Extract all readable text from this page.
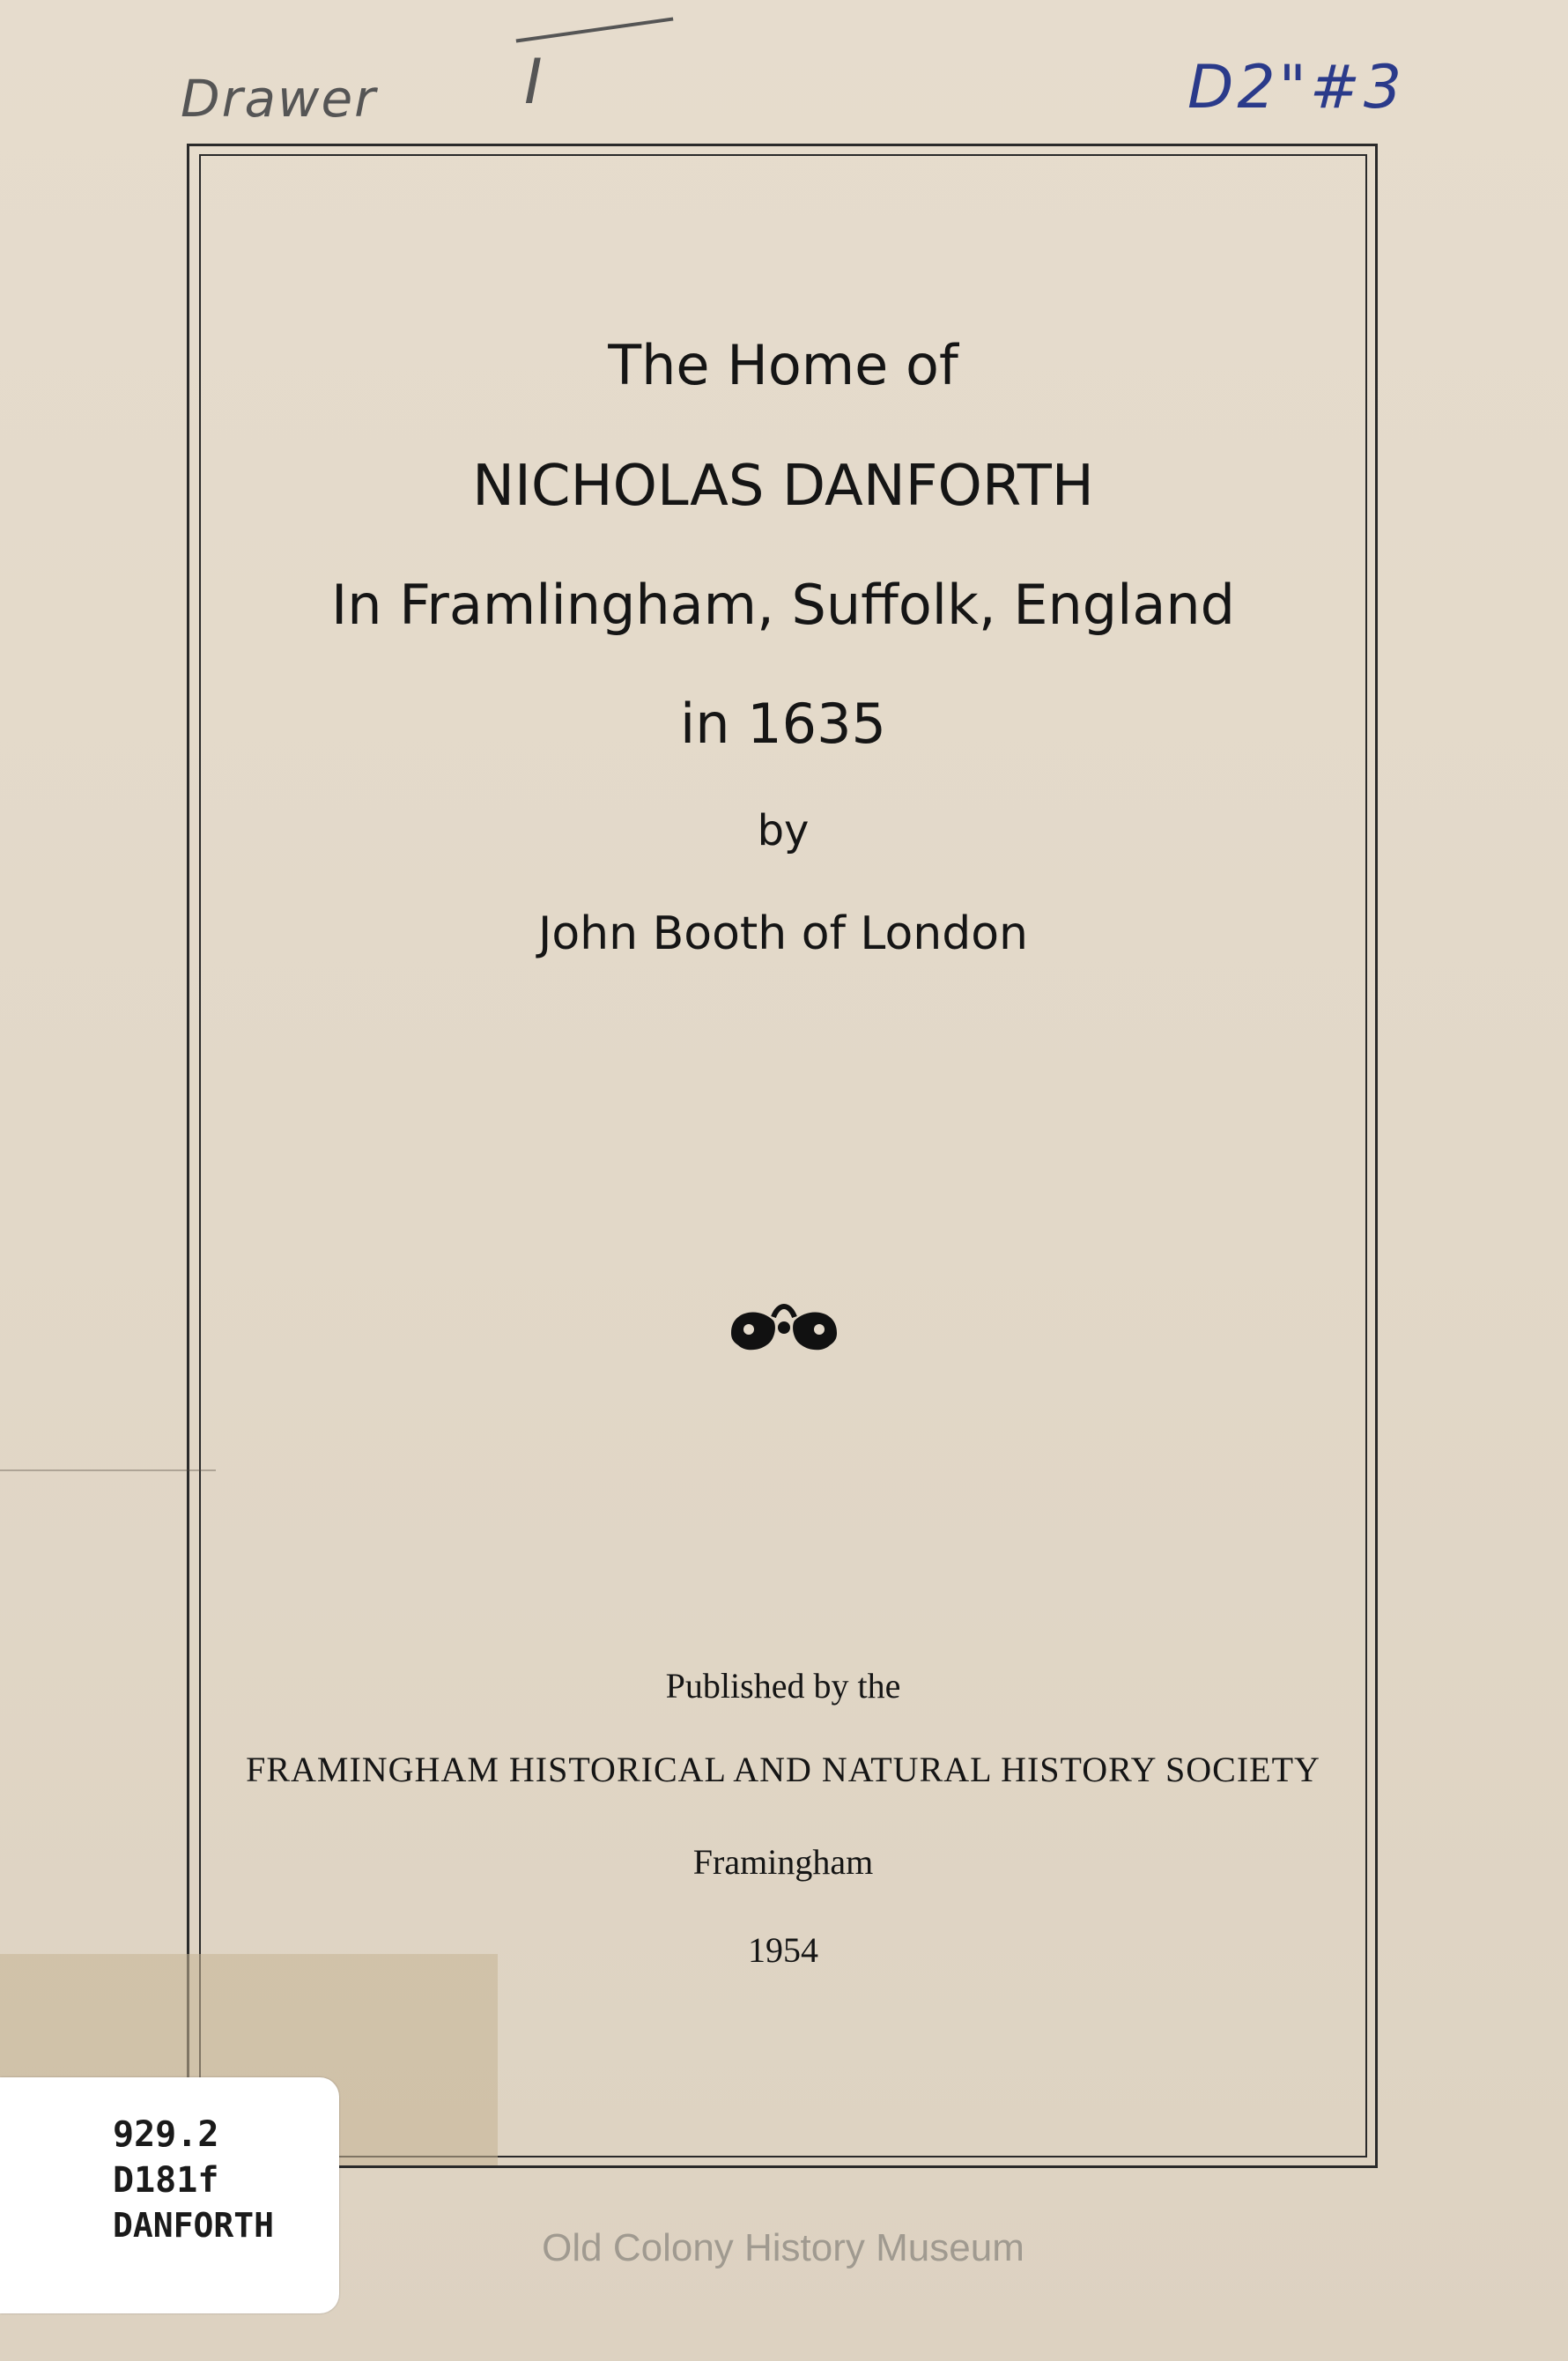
Drawer I	D2"#3

The Home of

NICHOLAS DANFORTH

In Framlingham, Suffolk, England

in 1635

by

John Booth of London

Published by the

FRAMINGHAM HISTORICAL AND NATURAL HISTORY SOCIETY

Framingham

1954

929.2
D181f
DANFORTH
Old Colony History Museum
